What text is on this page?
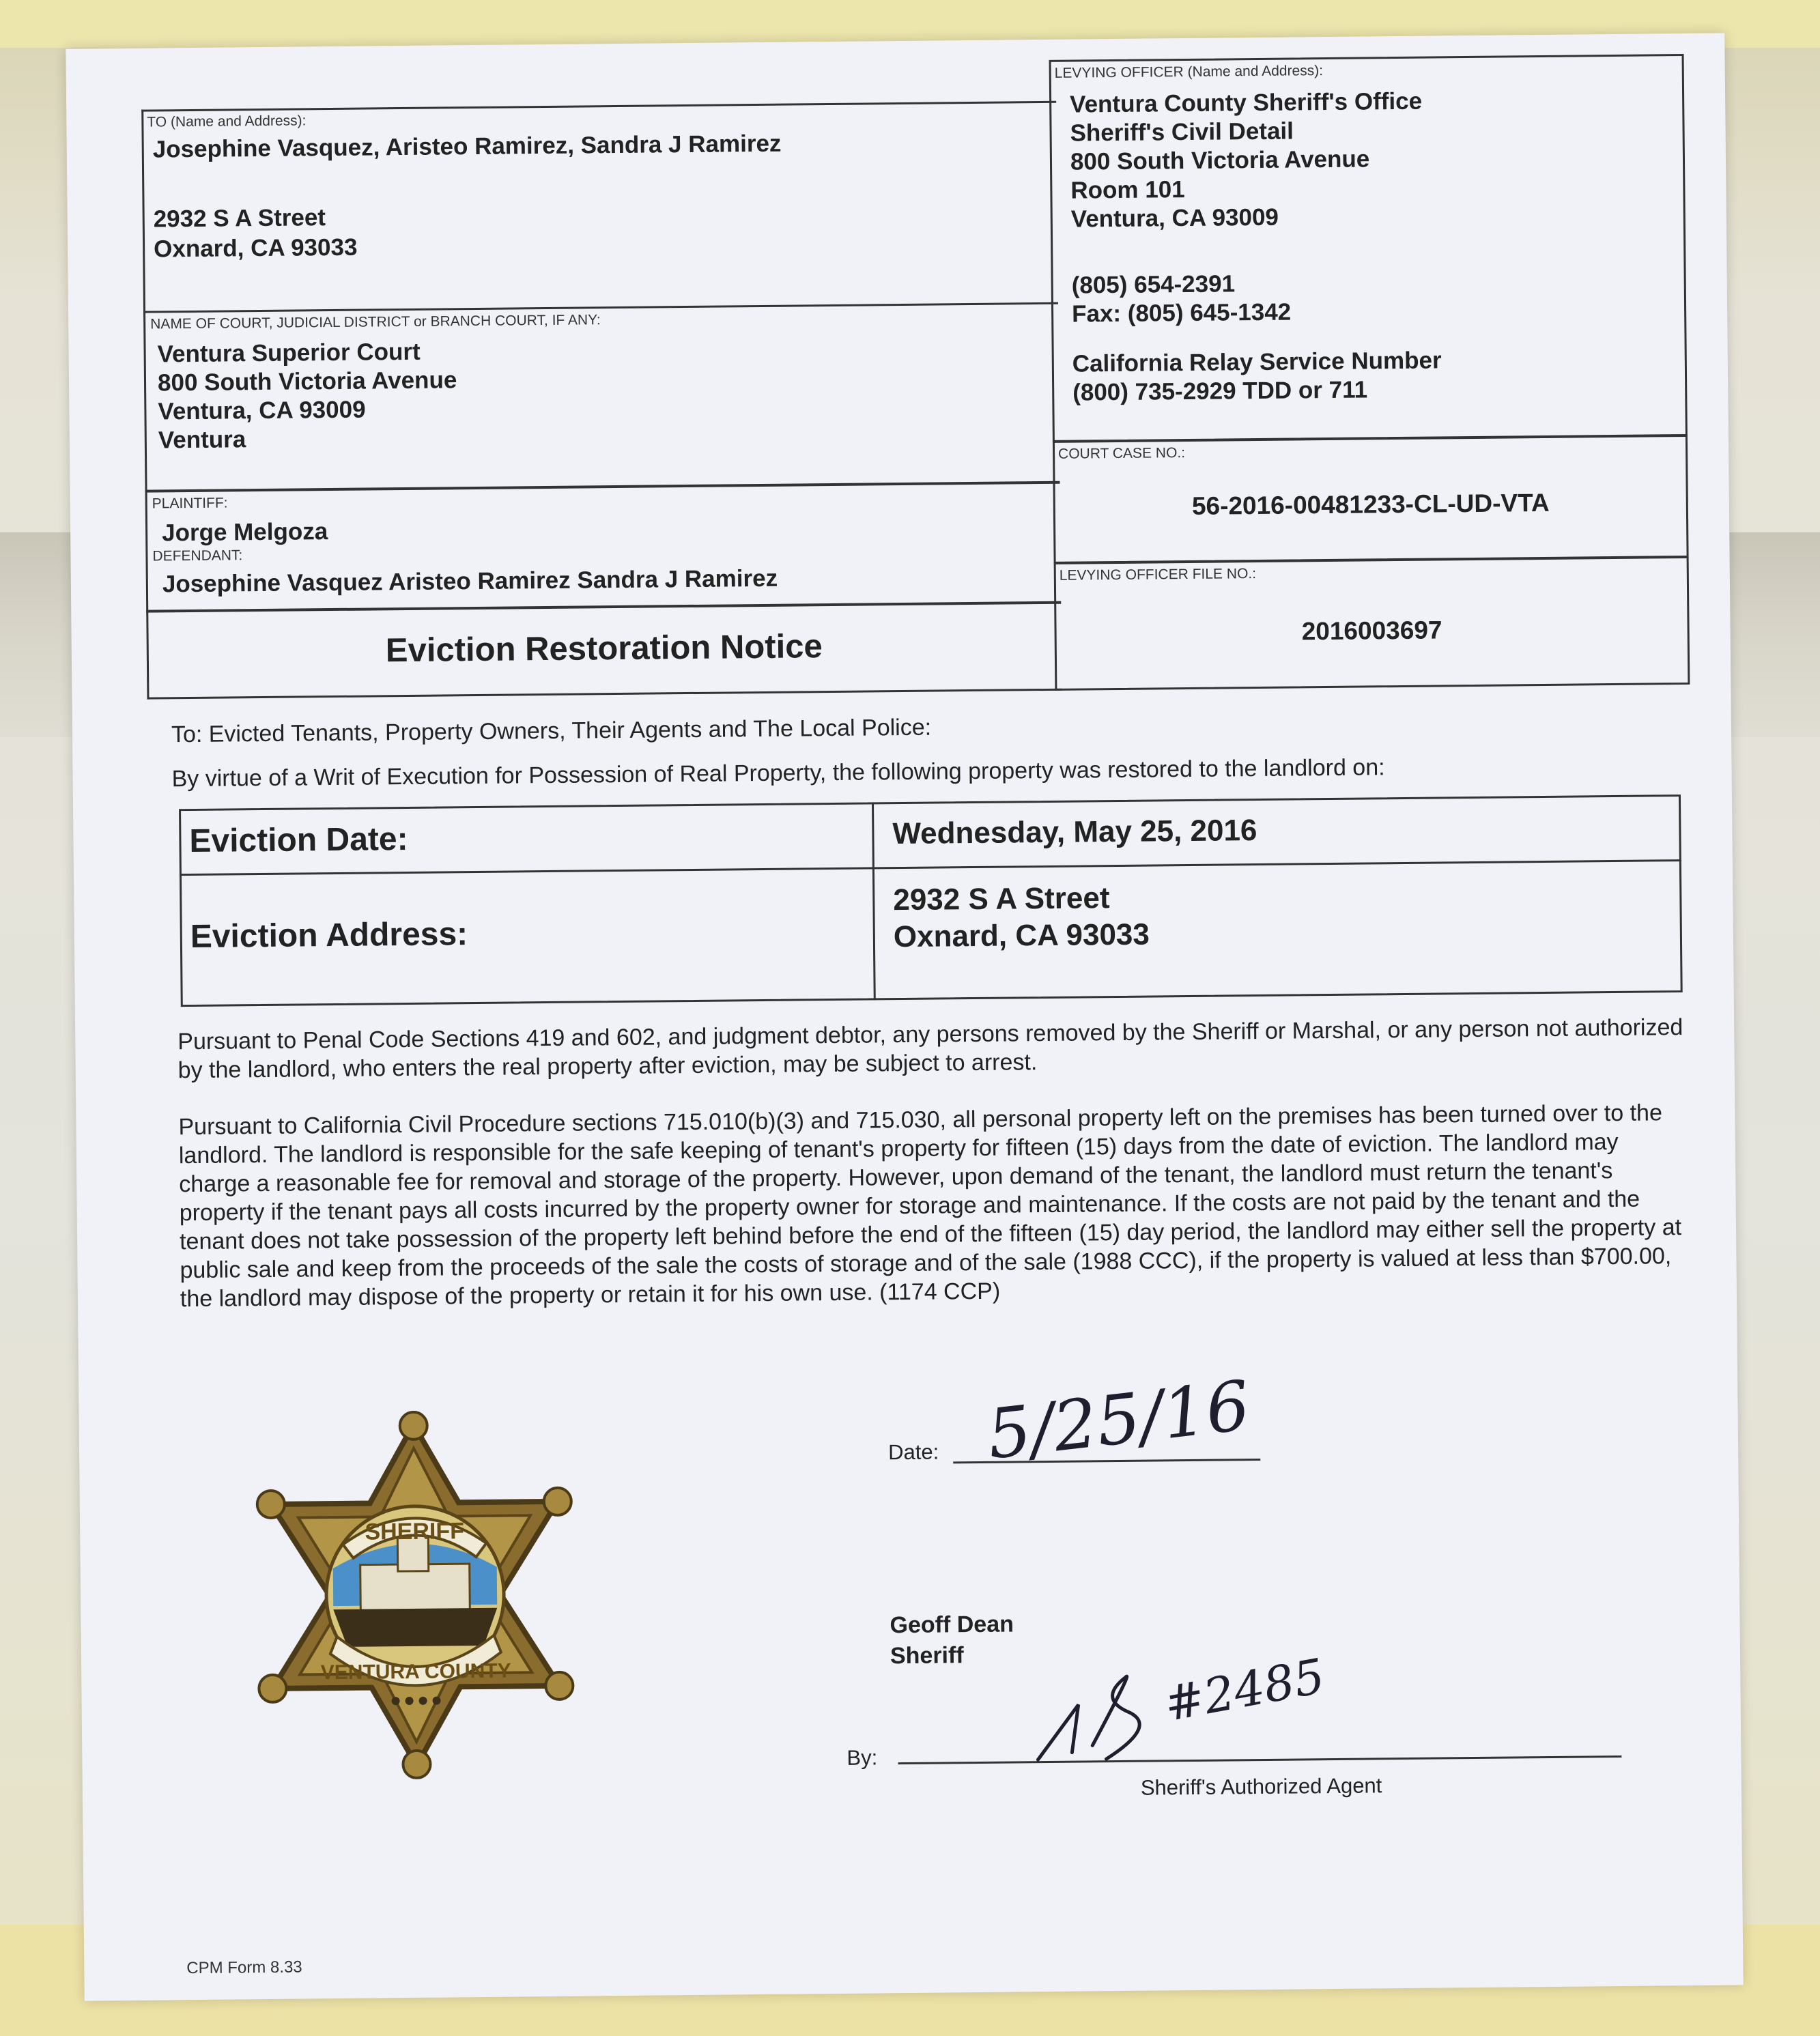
TO (Name and Address):
Josephine Vasquez, Aristeo Ramirez, Sandra J Ramirez
2932 S A Street
Oxnard, CA 93033
LEVYING OFFICER (Name and Address):
Ventura County Sheriff's Office
Sheriff's Civil Detail
800 South Victoria Avenue
Room 101
Ventura, CA 93009
(805) 654-2391
Fax: (805) 645-1342
California Relay Service Number
(800) 735-2929 TDD or 711
NAME OF COURT, JUDICIAL DISTRICT or BRANCH COURT, IF ANY:
Ventura Superior Court
800 South Victoria Avenue
Ventura, CA 93009
Ventura
PLAINTIFF:
Jorge Melgoza
DEFENDANT:
Josephine Vasquez Aristeo Ramirez Sandra J Ramirez
COURT CASE NO.:
56-2016-00481233-CL-UD-VTA
LEVYING OFFICER FILE NO.:
2016003697
Eviction Restoration Notice
To: Evicted Tenants, Property Owners, Their Agents and The Local Police:
By virtue of a Writ of Execution for Possession of Real Property, the following property was restored to the landlord on:
Eviction Date:	Wednesday, May 25, 2016
Eviction Address:
2932 S A Street
Oxnard, CA 93033
Pursuant to Penal Code Sections 419 and 602, and judgment debtor, any persons removed by the Sheriff or Marshal, or any person not authorized by the landlord, who enters the real property after eviction, may be subject to arrest.
Pursuant to California Civil Procedure sections 715.010(b)(3) and 715.030, all personal property left on the premises has been turned over to the landlord. The landlord is responsible for the safe keeping of tenant's property for fifteen (15) days from the date of eviction. The landlord may charge a reasonable fee for removal and storage of the property. However, upon demand of the tenant, the landlord must return the tenant's property if the tenant pays all costs incurred by the property owner for storage and maintenance. If the costs are not paid by the tenant and the tenant does not take possession of the property left behind before the end of the fifteen (15) day period, the landlord may either sell the property at public sale and keep from the proceeds of the sale the costs of storage and of the sale (1988 CCC), if the property is valued at less than $700.00, the landlord may dispose of the property or retain it for his own use. (1174 CCP)
SHERIFF
VENTURA COUNTY
Date: 5/25/16
Geoff Dean
Sheriff
By:
#2485
Sheriff's Authorized Agent
CPM Form 8.33
